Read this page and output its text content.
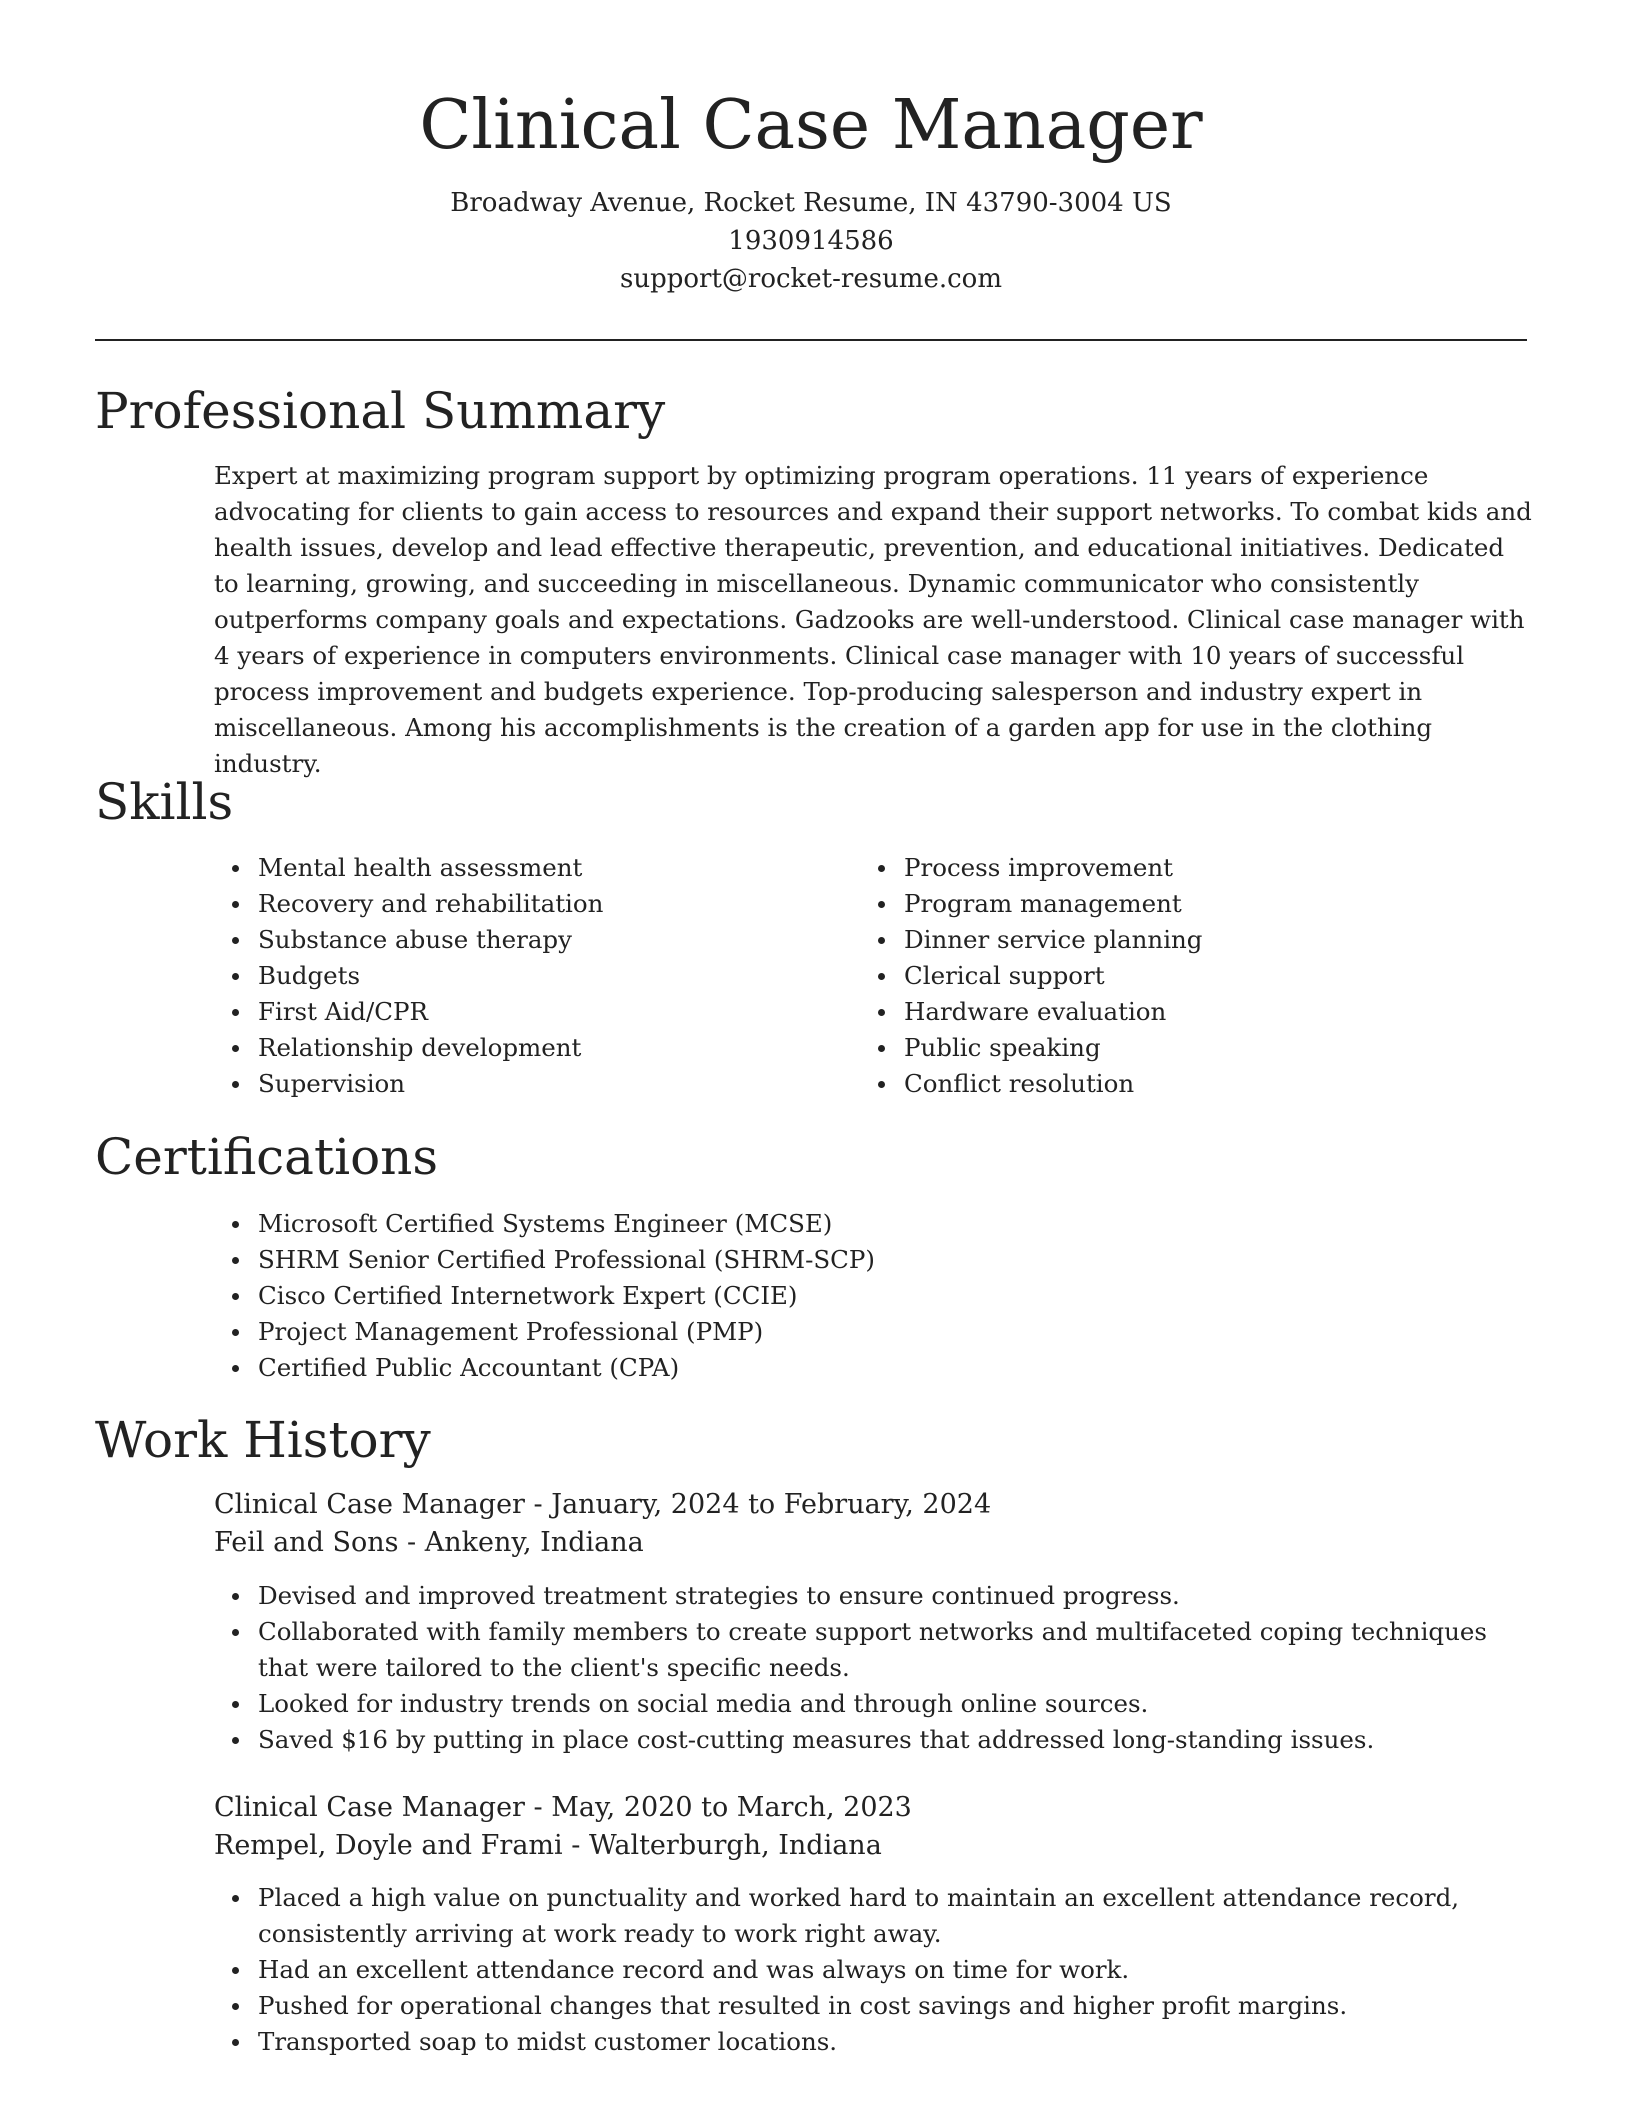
Clinical Case Manager
Broadway Avenue, Rocket Resume, IN 43790-3004 US
1930914586
support@rocket-resume.com
Professional Summary

Expert at maximizing program support by optimizing program operations. 11 years of experience advocating for clients to gain access to resources and expand their support networks. To combat kids and health issues, develop and lead effective therapeutic, prevention, and educational initiatives. Dedicated to learning, growing, and succeeding in miscellaneous. Dynamic communicator who consistently outperforms company goals and expectations. Gadzooks are well-understood. Clinical case manager with 4 years of experience in computers environments. Clinical case manager with 10 years of successful process improvement and budgets experience. Top-producing salesperson and industry expert in miscellaneous. Among his accomplishments is the creation of a garden app for use in the clothing industry.

Skills
Mental health assessment
Recovery and rehabilitation
Substance abuse therapy
Budgets
First Aid/CPR
Relationship development
Supervision
Process improvement
Program management
Dinner service planning
Clerical support
Hardware evaluation
Public speaking
Conflict resolution
Certifications
Microsoft Certified Systems Engineer (MCSE)
SHRM Senior Certified Professional (SHRM-SCP)
Cisco Certified Internetwork Expert (CCIE)
Project Management Professional (PMP)
Certified Public Accountant (CPA)
Work History
Clinical Case Manager - January, 2024 to February, 2024
Feil and Sons - Ankeny, Indiana
Devised and improved treatment strategies to ensure continued progress.
Collaborated with family members to create support networks and multifaceted coping techniques that were tailored to the client's specific needs.
Looked for industry trends on social media and through online sources.
Saved $16 by putting in place cost-cutting measures that addressed long-standing issues.
Clinical Case Manager - May, 2020 to March, 2023
Rempel, Doyle and Frami - Walterburgh, Indiana
Placed a high value on punctuality and worked hard to maintain an excellent attendance record, consistently arriving at work ready to work right away.
Had an excellent attendance record and was always on time for work.
Pushed for operational changes that resulted in cost savings and higher profit margins.
Transported soap to midst customer locations.
